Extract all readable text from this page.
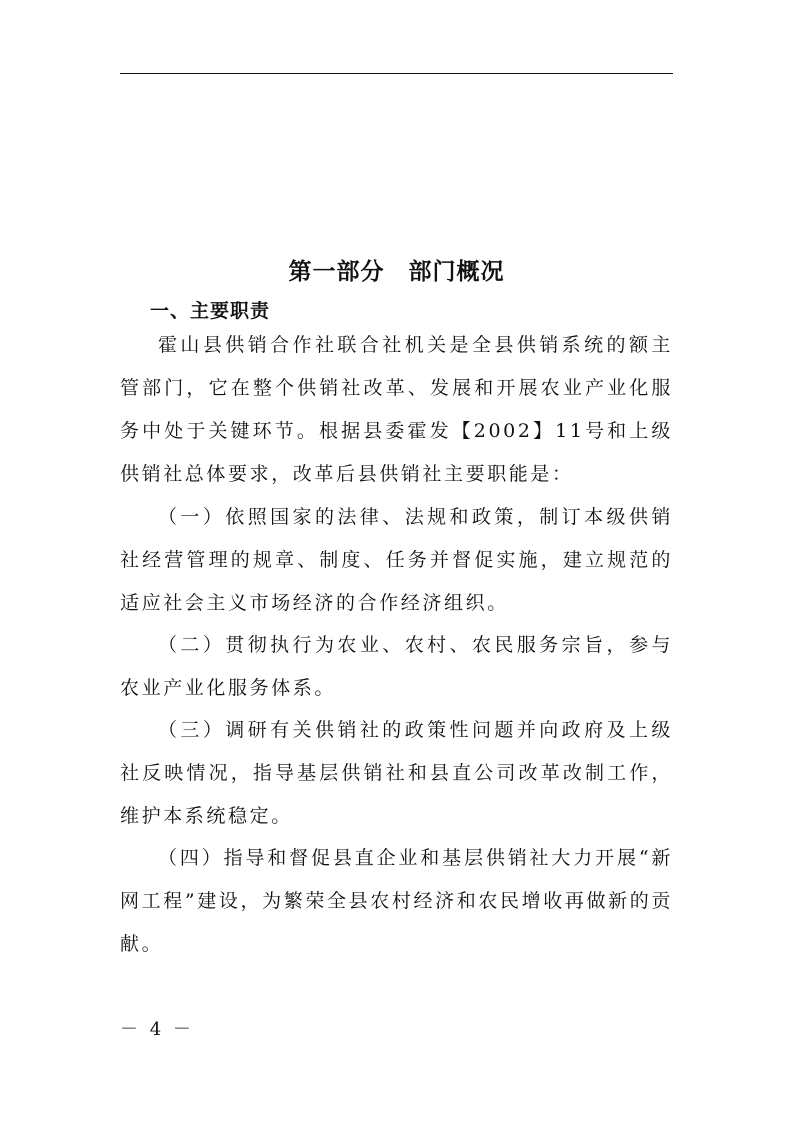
第一部分　部门概况
一、主要职责

霍山县供销合作社联合社机关是全县供销系统的额主管部门，它在整个供销社改革、发展和开展农业产业化服务中处于关键环节。根据县委霍发【2002】11号和上级供销社总体要求，改革后县供销社主要职能是：

（一）依照国家的法律、法规和政策，制订本级供销社经营管理的规章、制度、任务并督促实施，建立规范的适应社会主义市场经济的合作经济组织。

（二）贯彻执行为农业、农村、农民服务宗旨，参与农业产业化服务体系。

（三）调研有关供销社的政策性问题并向政府及上级社反映情况，指导基层供销社和县直公司改革改制工作，维护本系统稳定。

（四）指导和督促县直企业和基层供销社大力开展“新网工程”建设，为繁荣全县农村经济和农民增收再做新的贡献。

－ 4 －
